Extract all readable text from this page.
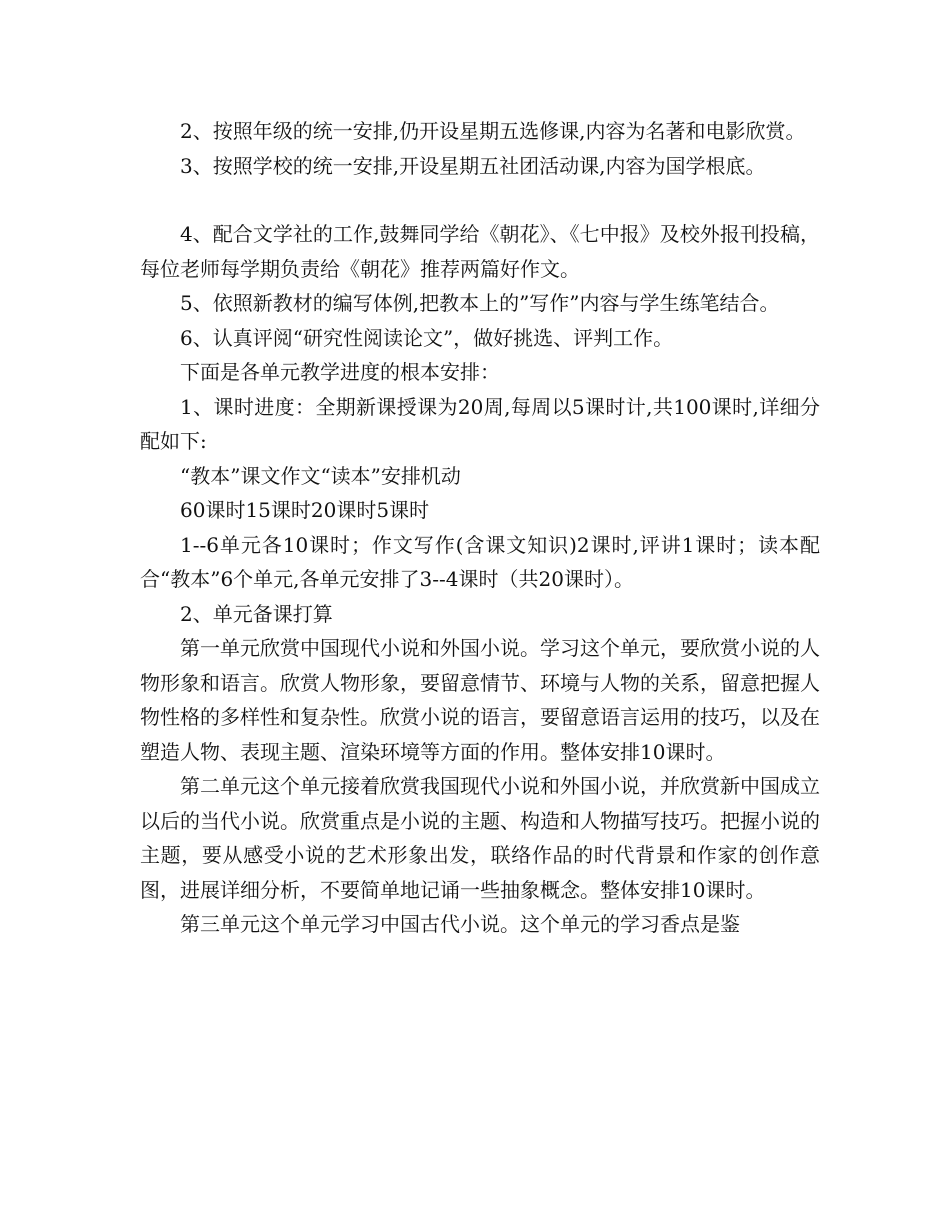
2、按照年级的统一安排,仍开设星期五选修课,内容为名著和电影欣赏。

3、按照学校的统一安排,开设星期五社团活动课,内容为国学根底。

4、配合文学社的工作,鼓舞同学给《朝花》、《七中报》及校外报刊投稿，每位老师每学期负责给《朝花》推荐两篇好作文。

5、依照新教材的编写体例,把教本上的”写作”内容与学生练笔结合。

6、认真评阅“研究性阅读论文”，做好挑选、评判工作。

下面是各单元教学进度的根本安排：

1、课时进度：全期新课授课为20周,每周以5课时计,共100课时,详细分配如下:

“教本”课文作文“读本”安排机动

60课时15课时20课时5课时

1--6单元各10课时；作文写作(含课文知识)2课时,评讲1课时；读本配合“教本”6个单元,各单元安排了3--4课时（共20课时）。

2、单元备课打算

第一单元欣赏中国现代小说和外国小说。学习这个单元，要欣赏小说的人物形象和语言。欣赏人物形象，要留意情节、环境与人物的关系，留意把握人物性格的多样性和复杂性。欣赏小说的语言，要留意语言运用的技巧，以及在塑造人物、表现主题、渲染环境等方面的作用。整体安排10课时。

第二单元这个单元接着欣赏我国现代小说和外国小说，并欣赏新中国成立以后的当代小说。欣赏重点是小说的主题、构造和人物描写技巧。把握小说的主题，要从感受小说的艺术形象出发，联络作品的时代背景和作家的创作意图，进展详细分析，不要简单地记诵一些抽象概念。整体安排10课时。

第三单元这个单元学习中国古代小说。这个单元的学习香点是鉴
